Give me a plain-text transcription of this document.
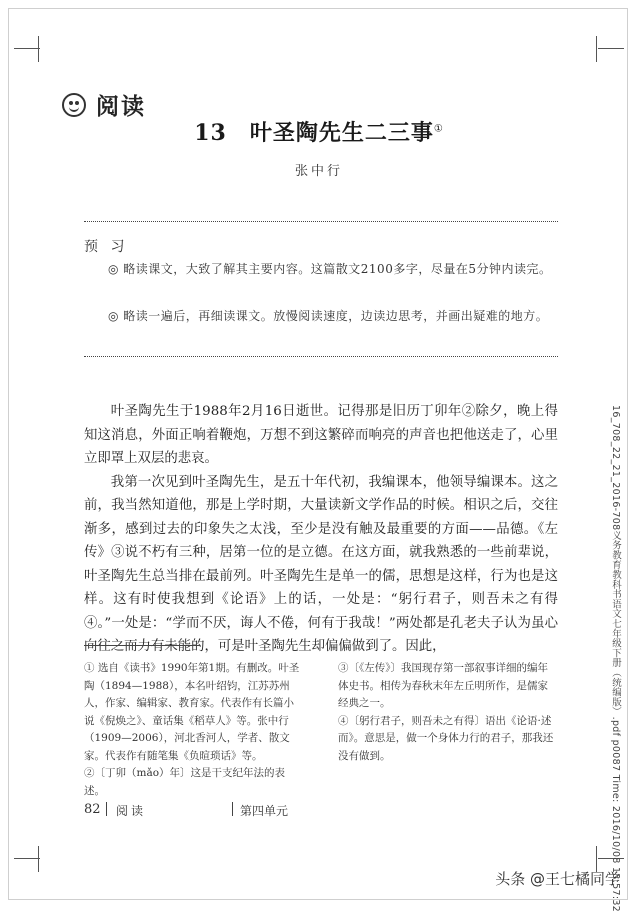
阅读
13　叶圣陶先生二三事①
张中行
预 习
◎ 略读课文，大致了解其主要内容。这篇散文2100多字，尽量在5分钟内读完。
◎ 略读一遍后，再细读课文。放慢阅读速度，边读边思考，并画出疑难的地方。

叶圣陶先生于1988年2月16日逝世。记得那是旧历丁卯年②除夕，晚上得知这消息，外面正响着鞭炮，万想不到这繁碎而响亮的声音也把他送走了，心里立即罩上双层的悲哀。

我第一次见到叶圣陶先生，是五十年代初，我编课本，他领导编课本。这之前，我当然知道他，那是上学时期，大量读新文学作品的时候。相识之后，交往渐多，感到过去的印象失之太浅，至少是没有触及最重要的方面——品德。《左传》③说不朽有三种，居第一位的是立德。在这方面，就我熟悉的一些前辈说，叶圣陶先生总当排在最前列。叶圣陶先生是单一的儒，思想是这样，行为也是这样。这有时使我想到《论语》上的话，一处是：“躬行君子，则吾未之有得④。”一处是：“学而不厌，诲人不倦，何有于我哉！”两处都是孔老夫子认为虽心向往之而力有未能的，可是叶圣陶先生却偏偏做到了。因此，

① 选自《读书》1990年第1期。有删改。叶圣陶（1894—1988），本名叶绍钧，江苏苏州人，作家、编辑家、教育家。代表作有长篇小说《倪焕之》、童话集《稻草人》等。张中行（1909—2006），河北香河人，学者、散文家。代表作有随笔集《负暄琐话》等。

②〔丁卯（mǎo）年〕这是干支纪年法的表述。

③〔《左传》〕我国现存第一部叙事详细的编年体史书。相传为春秋末年左丘明所作，是儒家经典之一。

④〔躬行君子，则吾未之有得〕语出《论语·述而》。意思是，做一个身体力行的君子，那我还没有做到。

82 阅读	第四单元	16_708_22_21_2016-708义务教育教科书语文七年级下册（统编版）.pdf p0087 Time: 2016/10/08 13:57:32
头条 @王七橘同学
